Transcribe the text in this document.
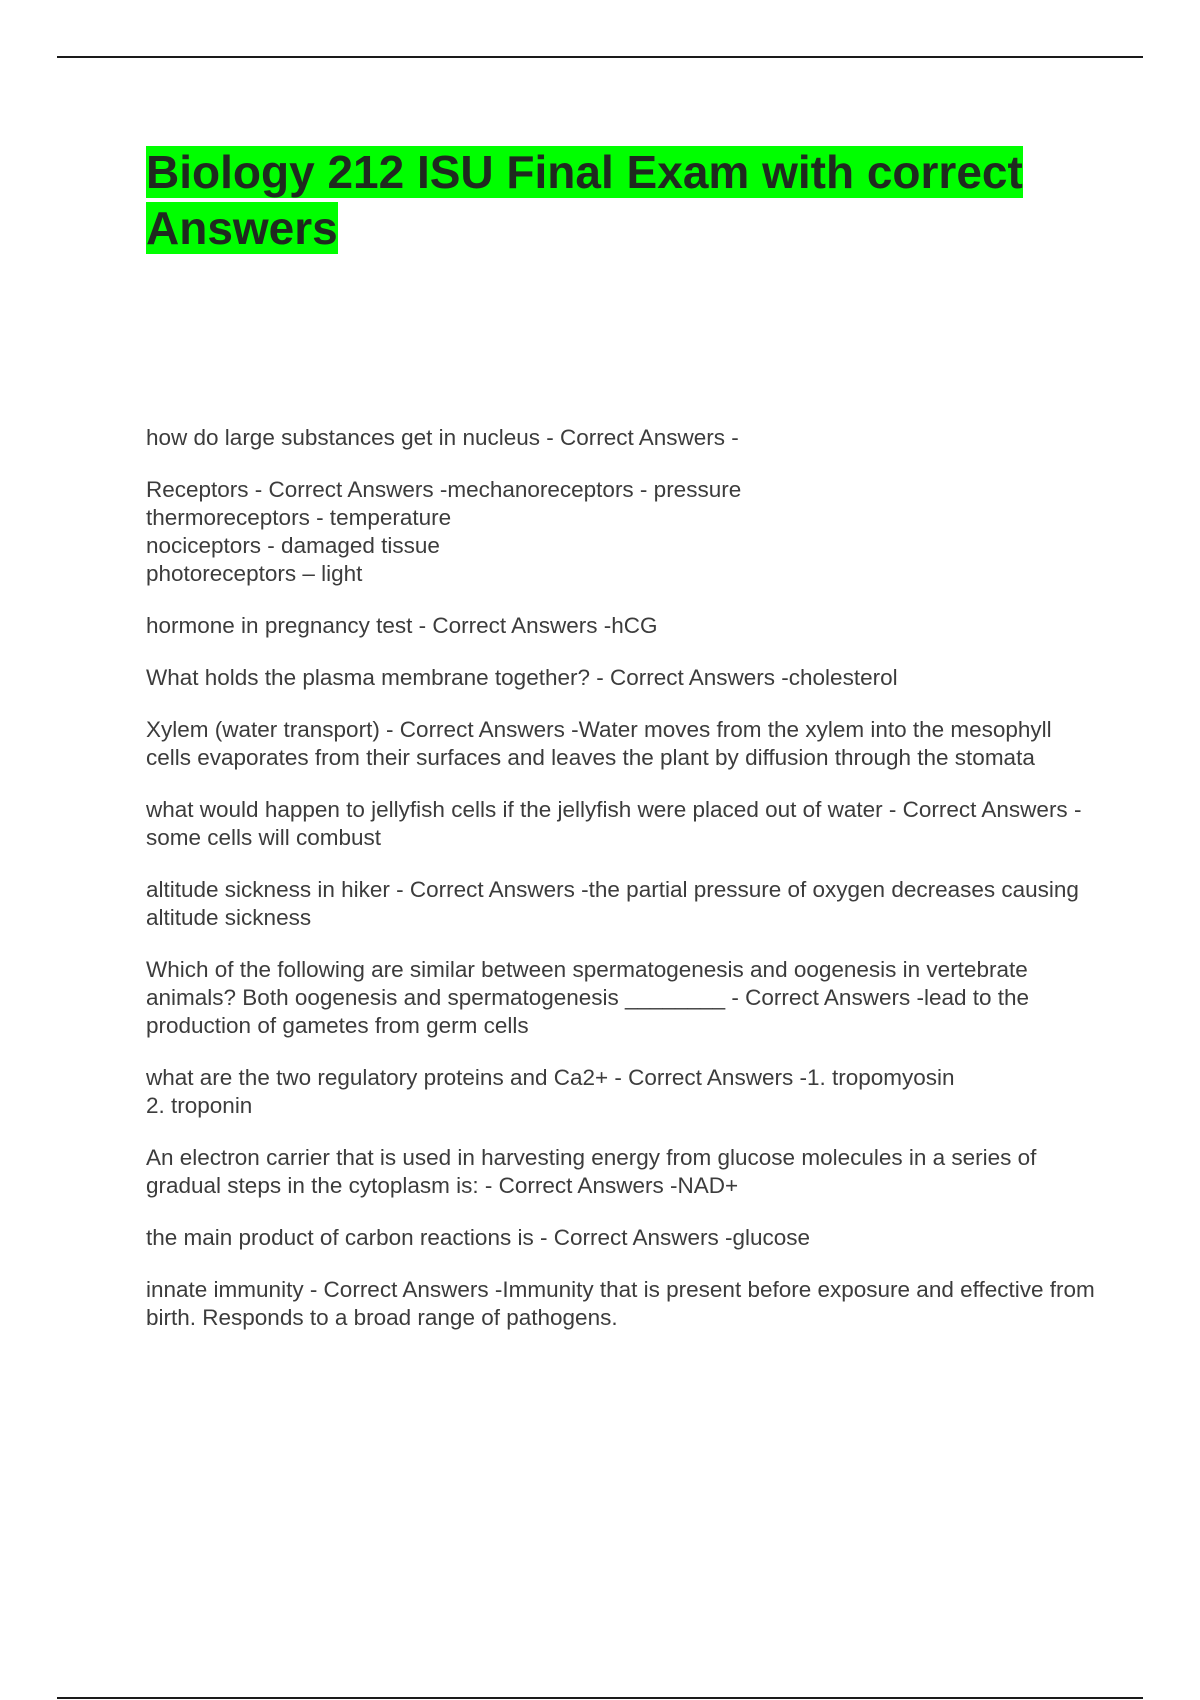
Biology 212 ISU Final Exam with correct Answers

how do large substances get in nucleus - Correct Answers -

Receptors - Correct Answers -mechanoreceptors - pressure
thermoreceptors - temperature
nociceptors - damaged tissue
photoreceptors – light

hormone in pregnancy test - Correct Answers -hCG

What holds the plasma membrane together? - Correct Answers -cholesterol

Xylem (water transport) - Correct Answers -Water moves from the xylem into the mesophyll cells evaporates from their surfaces and leaves the plant by diffusion through the stomata

what would happen to jellyfish cells if the jellyfish were placed out of water - Correct Answers -some cells will combust

altitude sickness in hiker - Correct Answers -the partial pressure of oxygen decreases causing altitude sickness

Which of the following are similar between spermatogenesis and oogenesis in vertebrate animals? Both oogenesis and spermatogenesis ________ - Correct Answers -lead to the production of gametes from germ cells

what are the two regulatory proteins and Ca2+ - Correct Answers -1. tropomyosin
2. troponin

An electron carrier that is used in harvesting energy from glucose molecules in a series of gradual steps in the cytoplasm is: - Correct Answers -NAD+

the main product of carbon reactions is - Correct Answers -glucose

innate immunity - Correct Answers -Immunity that is present before exposure and effective from birth. Responds to a broad range of pathogens.
